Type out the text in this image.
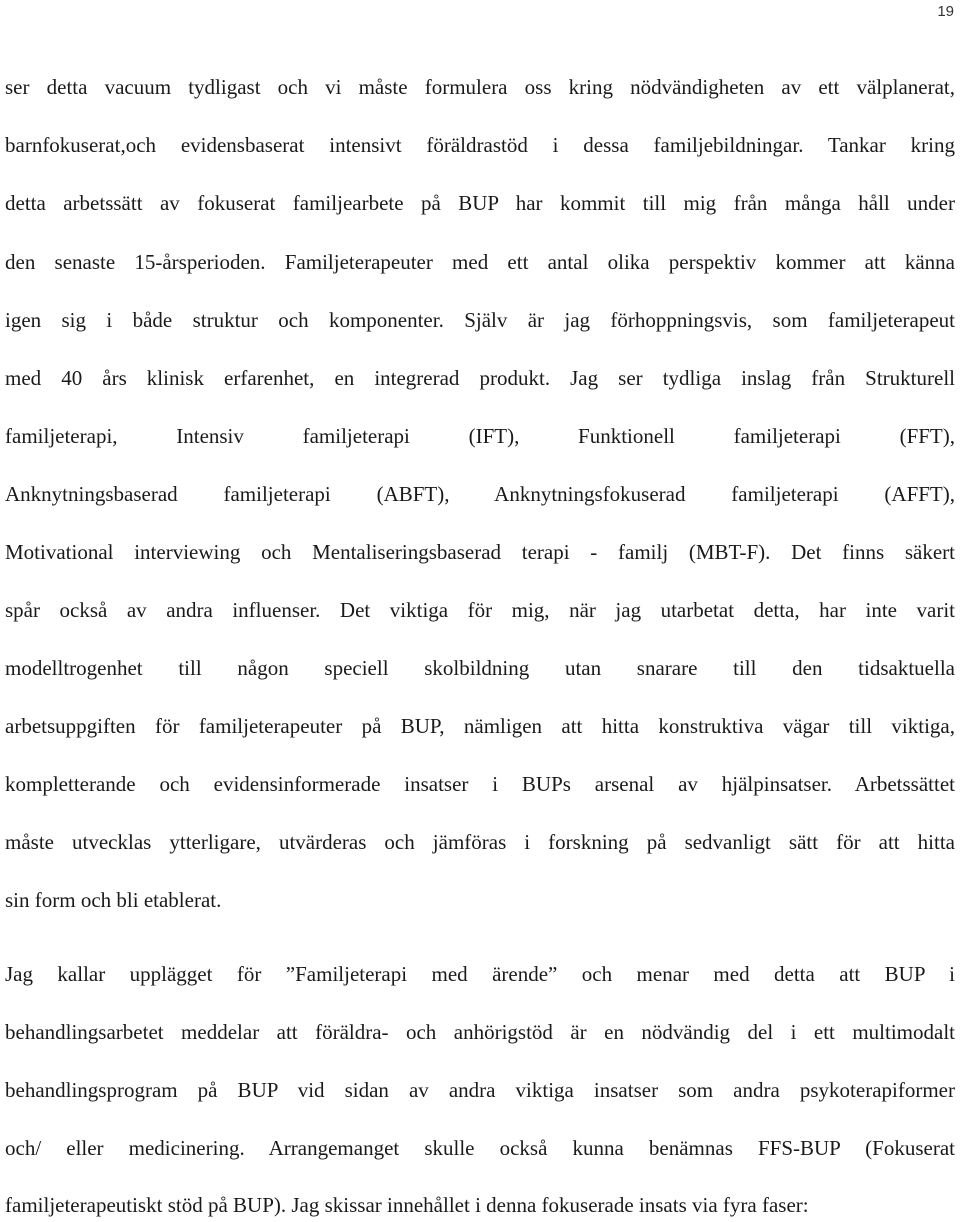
19
ser detta vacuum tydligast och vi måste formulera oss kring nödvändigheten av ett välplanerat,
barnfokuserat,och evidensbaserat intensivt föräldrastöd i dessa familjebildningar. Tankar kring
detta arbetssätt av fokuserat familjearbete på BUP har kommit till mig från många håll under
den senaste 15-årsperioden. Familjeterapeuter med ett antal olika perspektiv kommer att känna
igen sig i både struktur och komponenter. Själv är jag förhoppningsvis, som familjeterapeut
med 40 års klinisk erfarenhet, en integrerad produkt. Jag ser tydliga inslag från Strukturell
familjeterapi, Intensiv familjeterapi (IFT), Funktionell familjeterapi (FFT),
Anknytningsbaserad familjeterapi (ABFT), Anknytningsfokuserad familjeterapi (AFFT),
Motivational interviewing och Mentaliseringsbaserad terapi - familj (MBT-F). Det finns säkert
spår också av andra influenser. Det viktiga för mig, när jag utarbetat detta, har inte varit
modelltrogenhet till någon speciell skolbildning utan snarare till den tidsaktuella
arbetsuppgiften för familjeterapeuter på BUP, nämligen att hitta konstruktiva vägar till viktiga,
kompletterande och evidensinformerade insatser i BUPs arsenal av hjälpinsatser. Arbetssättet
måste utvecklas ytterligare, utvärderas och jämföras i forskning på sedvanligt sätt för att hitta
sin form och bli etablerat.
Jag kallar upplägget för ”Familjeterapi med ärende” och menar med detta att BUP i
behandlingsarbetet meddelar att föräldra- och anhörigstöd är en nödvändig del i ett multimodalt
behandlingsprogram på BUP vid sidan av andra viktiga insatser som andra psykoterapiformer
och/ eller medicinering. Arrangemanget skulle också kunna benämnas FFS-BUP (Fokuserat
familjeterapeutiskt stöd på BUP). Jag skissar innehållet i denna fokuserade insats via fyra faser:
